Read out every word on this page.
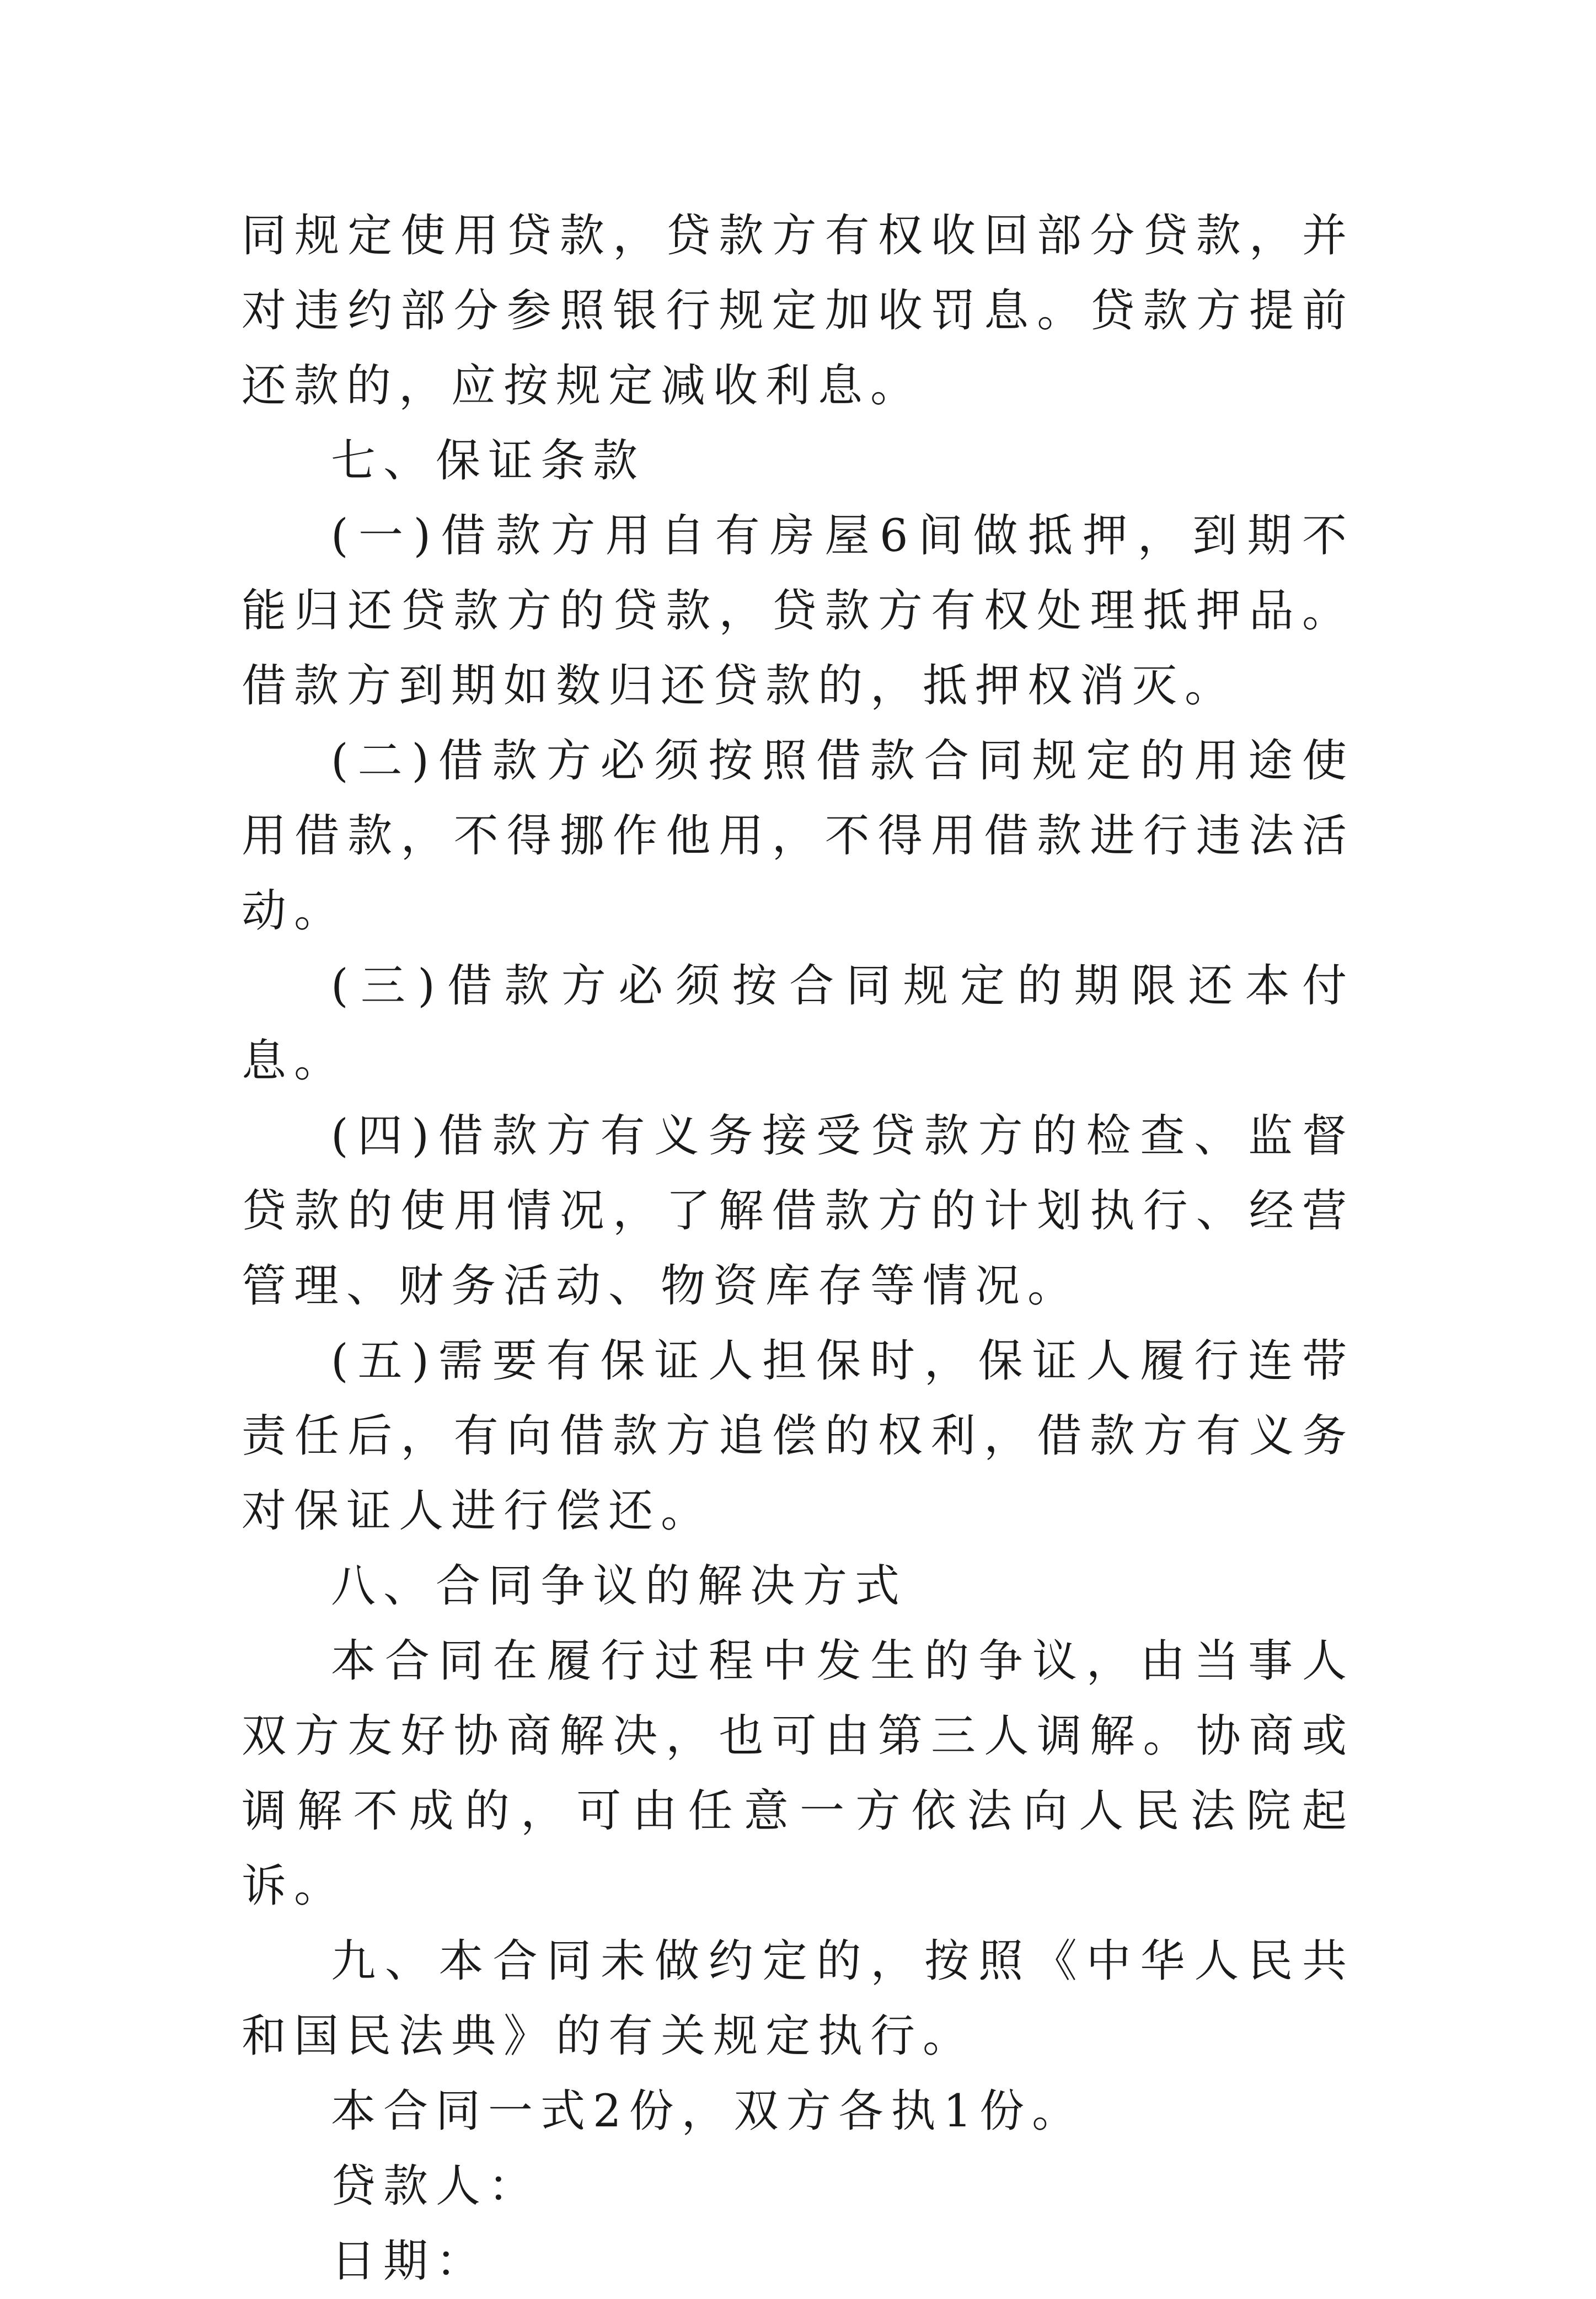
同规定使用贷款，贷款方有权收回部分贷款，并对违约部分参照银行规定加收罚息。贷款方提前还款的，应按规定减收利息。

七、保证条款

(一)借款方用自有房屋6间做抵押，到期不能归还贷款方的贷款，贷款方有权处理抵押品。借款方到期如数归还贷款的，抵押权消灭。

(二)借款方必须按照借款合同规定的用途使用借款，不得挪作他用，不得用借款进行违法活动。

(三)借款方必须按合同规定的期限还本付息。

(四)借款方有义务接受贷款方的检查、监督贷款的使用情况，了解借款方的计划执行、经营管理、财务活动、物资库存等情况。

(五)需要有保证人担保时，保证人履行连带责任后，有向借款方追偿的权利，借款方有义务对保证人进行偿还。

八、合同争议的解决方式

本合同在履行过程中发生的争议，由当事人双方友好协商解决，也可由第三人调解。协商或调解不成的，可由任意一方依法向人民法院起诉。

九、本合同未做约定的，按照《中华人民共和国民法典》的有关规定执行。

本合同一式2份，双方各执1份。

贷款人：

日期：
